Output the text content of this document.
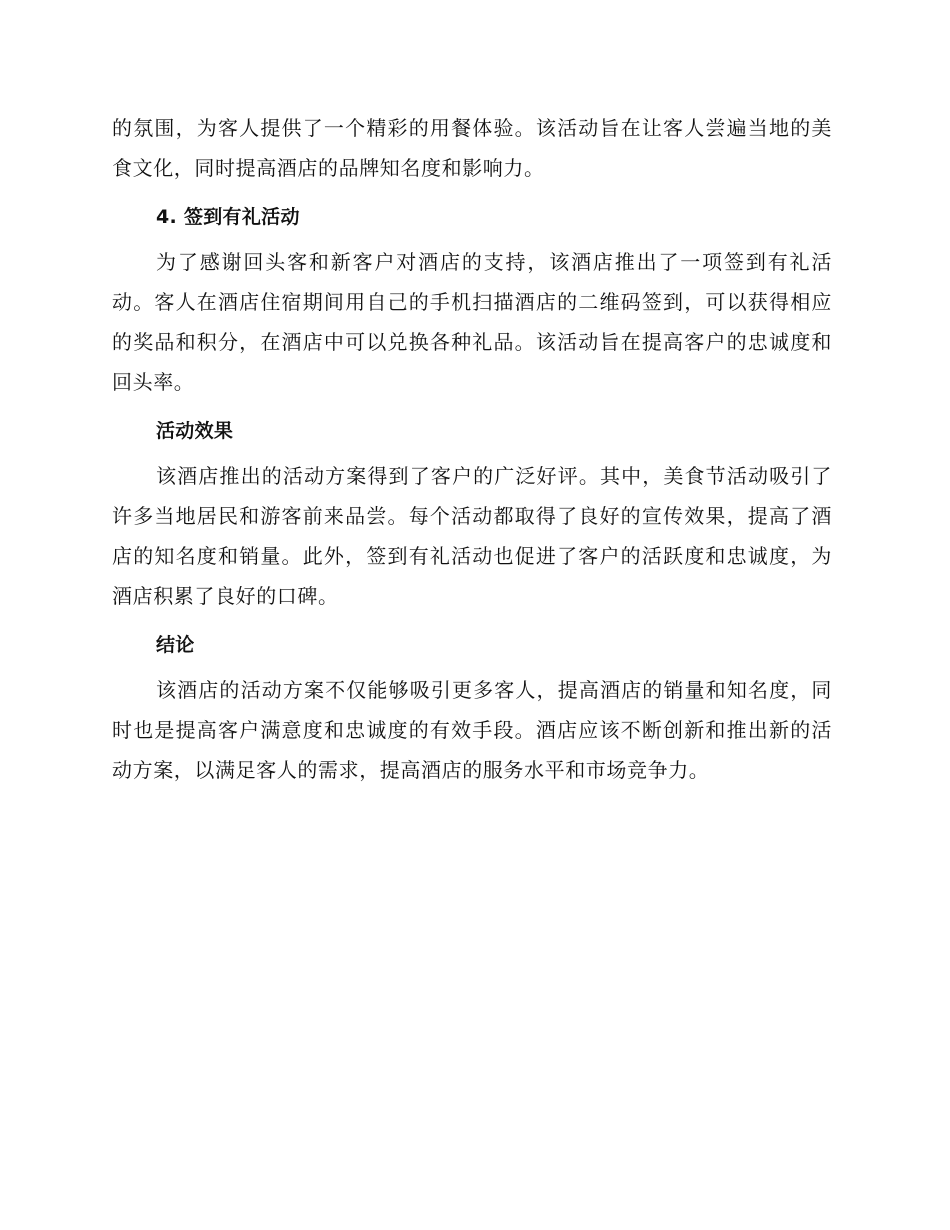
的氛围，为客人提供了一个精彩的用餐体验。该活动旨在让客人尝遍当地的美食文化，同时提高酒店的品牌知名度和影响力。

4. 签到有礼活动

为了感谢回头客和新客户对酒店的支持，该酒店推出了一项签到有礼活动。客人在酒店住宿期间用自己的手机扫描酒店的二维码签到，可以获得相应的奖品和积分，在酒店中可以兑换各种礼品。该活动旨在提高客户的忠诚度和回头率。

活动效果

该酒店推出的活动方案得到了客户的广泛好评。其中，美食节活动吸引了许多当地居民和游客前来品尝。每个活动都取得了良好的宣传效果，提高了酒店的知名度和销量。此外，签到有礼活动也促进了客户的活跃度和忠诚度，为酒店积累了良好的口碑。

结论

该酒店的活动方案不仅能够吸引更多客人，提高酒店的销量和知名度，同时也是提高客户满意度和忠诚度的有效手段。酒店应该不断创新和推出新的活动方案，以满足客人的需求，提高酒店的服务水平和市场竞争力。
